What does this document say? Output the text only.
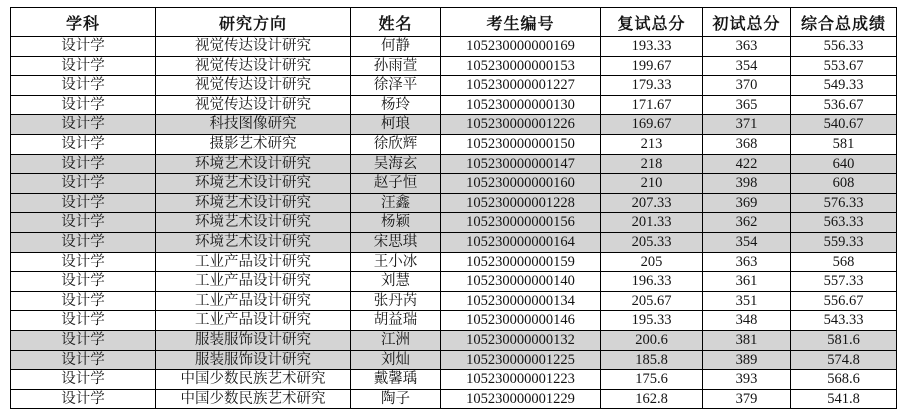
学科	研究方向	姓名	考生编号	复试总分	初试总分	综合总成绩
设计学	视觉传达设计研究	何静	105230000000169	193.33	363	556.33
设计学	视觉传达设计研究	孙雨萱	105230000000153	199.67	354	553.67
设计学	视觉传达设计研究	徐泽平	105230000001227	179.33	370	549.33
设计学	视觉传达设计研究	杨玲	105230000000130	171.67	365	536.67
设计学	科技图像研究	柯琅	105230000001226	169.67	371	540.67
设计学	摄影艺术研究	徐欣辉	105230000000150	213	368	581
设计学	环境艺术设计研究	吴海玄	105230000000147	218	422	640
设计学	环境艺术设计研究	赵子恒	105230000000160	210	398	608
设计学	环境艺术设计研究	汪鑫	105230000001228	207.33	369	576.33
设计学	环境艺术设计研究	杨颖	105230000000156	201.33	362	563.33
设计学	环境艺术设计研究	宋思琪	105230000000164	205.33	354	559.33
设计学	工业产品设计研究	王小冰	105230000000159	205	363	568
设计学	工业产品设计研究	刘慧	105230000000140	196.33	361	557.33
设计学	工业产品设计研究	张丹芮	105230000000134	205.67	351	556.67
设计学	工业产品设计研究	胡益瑞	105230000000146	195.33	348	543.33
设计学	服装服饰设计研究	江洲	105230000000132	200.6	381	581.6
设计学	服装服饰设计研究	刘灿	105230000001225	185.8	389	574.8
设计学	中国少数民族艺术研究	戴馨瑀	105230000001223	175.6	393	568.6
设计学	中国少数民族艺术研究	陶子	105230000001229	162.8	379	541.8
